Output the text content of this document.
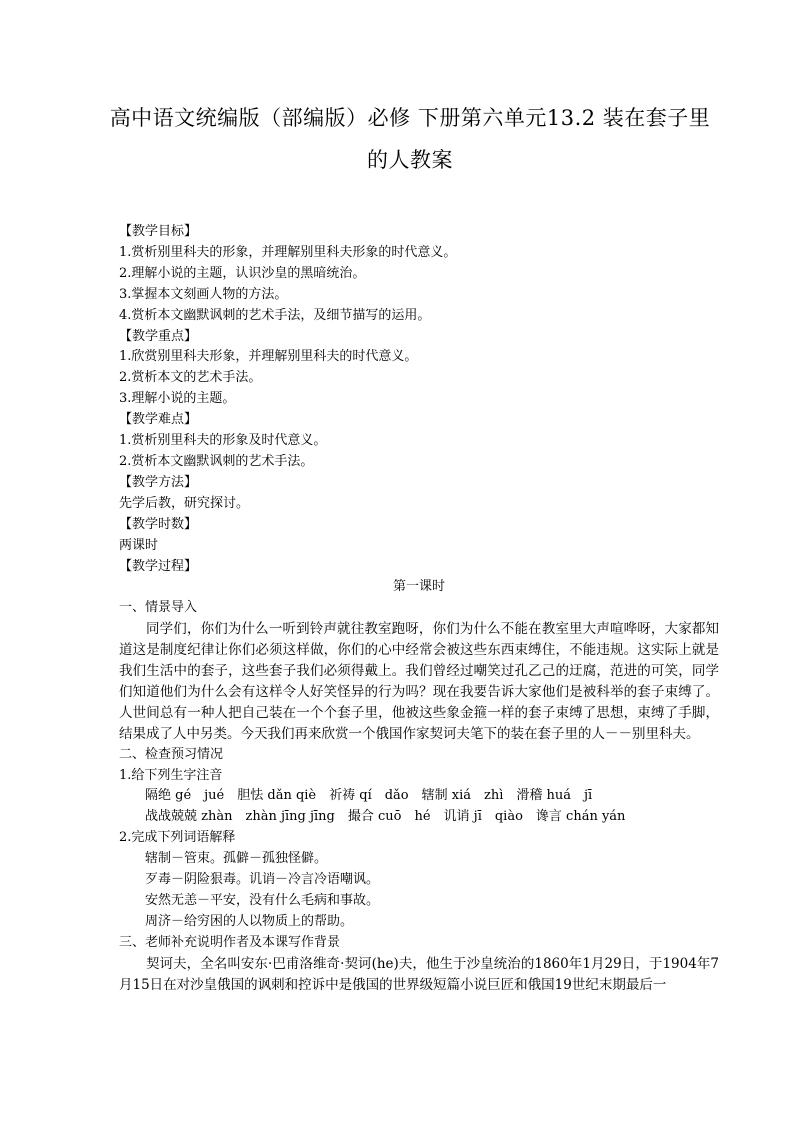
高中语文统编版（部编版）必修 下册第六单元13.2 装在套子里
的人教案
【教学目标】
1.赏析别里科夫的形象，并理解别里科夫形象的时代意义。
2.理解小说的主题，认识沙皇的黑暗统治。
3.掌握本文刻画人物的方法。
4.赏析本文幽默讽刺的艺术手法，及细节描写的运用。
【教学重点】
1.欣赏别里科夫形象，并理解别里科夫的时代意义。
2.赏析本文的艺术手法。
3.理解小说的主题。
【教学难点】
1.赏析别里科夫的形象及时代意义。
2.赏析本文幽默讽刺的艺术手法。
【教学方法】
先学后教，研究探讨。
【教学时数】
两课时
【教学过程】
第一课时
一、情景导入

同学们，你们为什么一听到铃声就往教室跑呀，你们为什么不能在教室里大声喧哗呀，大家都知道这是制度纪律让你们必须这样做，你们的心中经常会被这些东西束缚住，不能违规。这实际上就是我们生活中的套子，这些套子我们必须得戴上。我们曾经过嘲笑过孔乙己的迂腐，范进的可笑，同学们知道他们为什么会有这样令人好笑怪异的行为吗？现在我要告诉大家他们是被科举的套子束缚了。人世间总有一种人把自己装在一个个套子里，他被这些象金箍一样的套子束缚了思想，束缚了手脚，结果成了人中另类。今天我们再来欣赏一个俄国作家契诃夫笔下的装在套子里的人－－别里科夫。

二、检查预习情况
1.给下列生字注音
隔绝 gé　jué　胆怯 dǎn qiè　祈祷 qí　dǎo　辖制 xiá　zhì　滑稽 huá　jī
战战兢兢 zhàn　zhàn jīng jīng　撮合 cuō　hé　讥诮 jī　qiào　谗言 chán yán
2.完成下列词语解释
辖制－管束。孤僻－孤独怪僻。
歹毒－阴险狠毒。讥诮－冷言冷语嘲讽。
安然无恙－平安，没有什么毛病和事故。
周济－给穷困的人以物质上的帮助。
三、老师补充说明作者及本课写作背景

契诃夫，全名叫安东·巴甫洛维奇·契诃(he)夫，他生于沙皇统治的1860年1月29日，于1904年7月15日在对沙皇俄国的讽刺和控诉中是俄国的世界级短篇小说巨匠和俄国19世纪末期最后一
